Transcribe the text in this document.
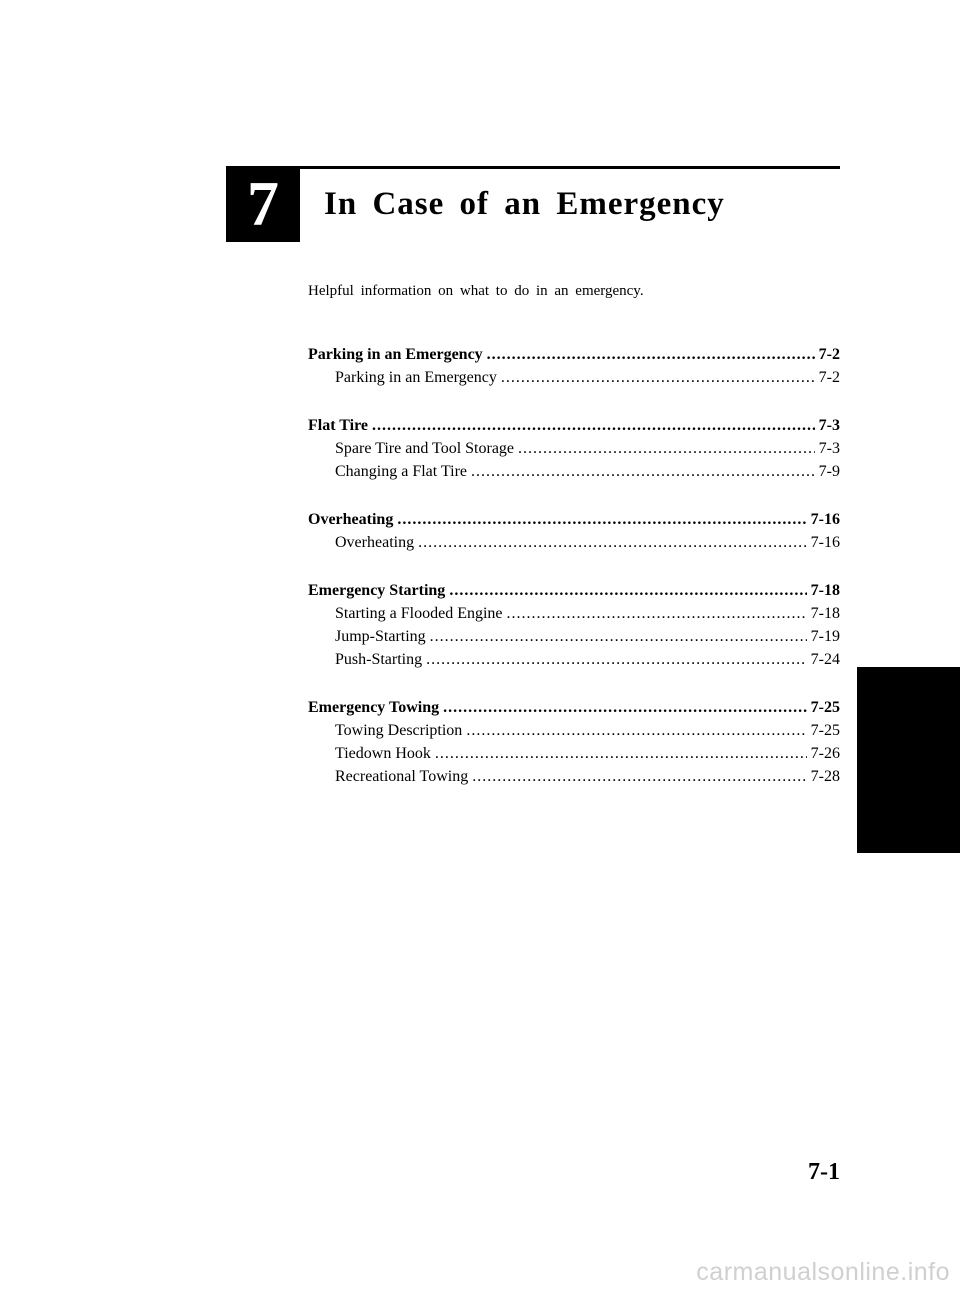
7 In Case of an Emergency
Helpful information on what to do in an emergency.
Parking in an Emergency .....	7-2
Parking in an Emergency .....	7-2
Flat Tire .....	7-3
Spare Tire and Tool Storage .....	7-3
Changing a Flat Tire .....	7-9
Overheating .....	7-16
Overheating .....	7-16
Emergency Starting .....	7-18
Starting a Flooded Engine .....	7-18
Jump-Starting .....	7-19
Push-Starting .....	7-24
Emergency Towing .....	7-25
Towing Description .....	7-25
Tiedown Hook .....	7-26
Recreational Towing .....	7-28
7-1
carmanualsonline.info
